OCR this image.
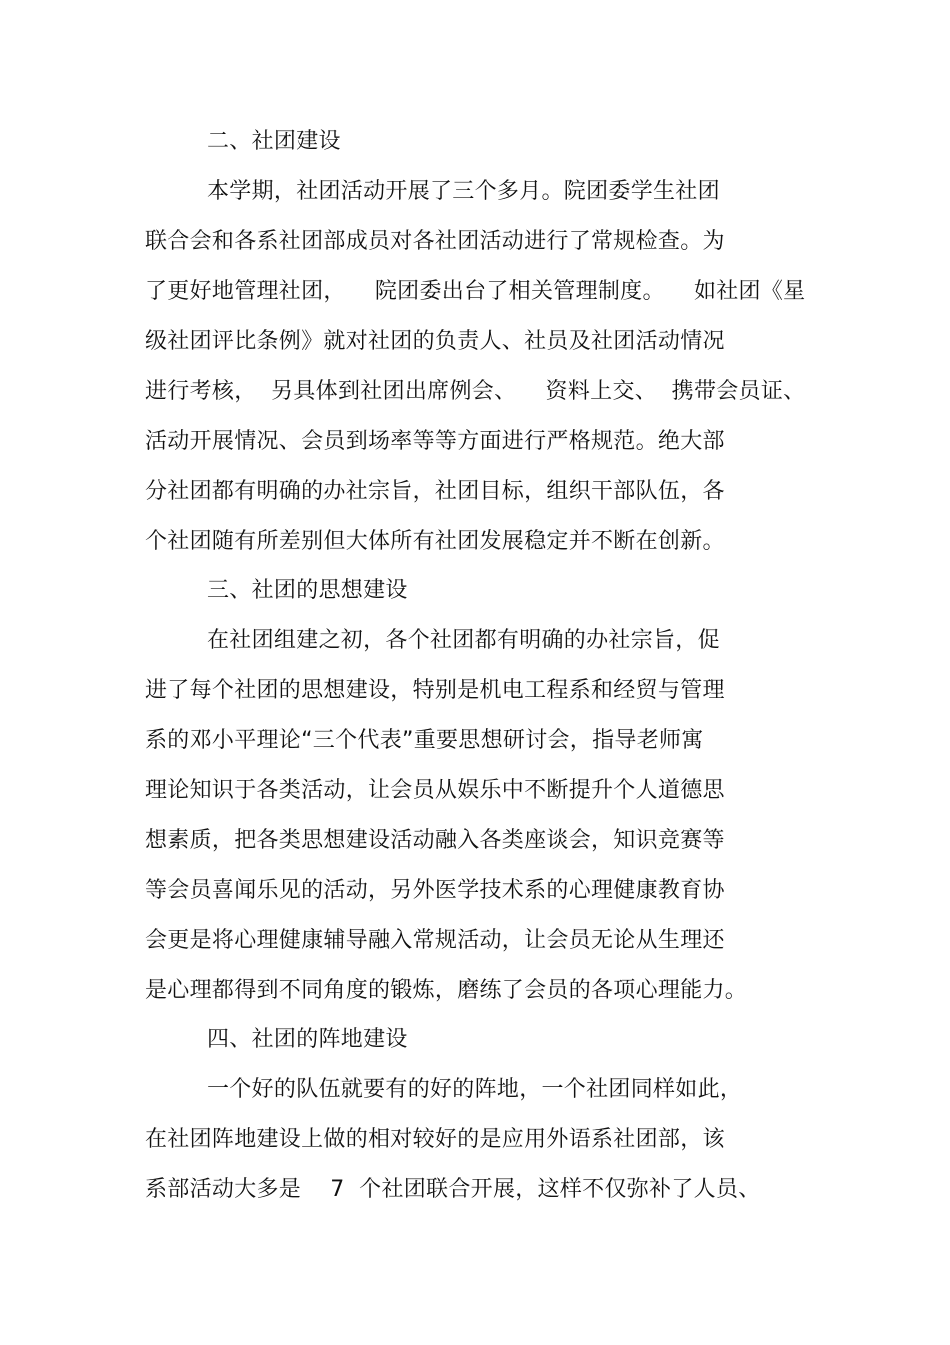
二、社团建设
本学期，社团活动开展了三个多月。院团委学生社团
联合会和各系社团部成员对各社团活动进行了常规检查。为
了更好地管理社团，    院团委出台了相关管理制度。    如社团《星
级社团评比条例》就对社团的负责人、社员及社团活动情况
进行考核，  另具体到社团出席例会、    资料上交、  携带会员证、
活动开展情况、会员到场率等等方面进行严格规范。绝大部
分社团都有明确的办社宗旨，社团目标，组织干部队伍，各
个社团随有所差别但大体所有社团发展稳定并不断在创新。
三、社团的思想建设
在社团组建之初，各个社团都有明确的办社宗旨，促
进了每个社团的思想建设，特别是机电工程系和经贸与管理
系的邓小平理论“三个代表”重要思想研讨会，指导老师寓
理论知识于各类活动，让会员从娱乐中不断提升个人道德思
想素质，把各类思想建设活动融入各类座谈会，知识竞赛等
等会员喜闻乐见的活动，另外医学技术系的心理健康教育协
会更是将心理健康辅导融入常规活动，让会员无论从生理还
是心理都得到不同角度的锻炼，磨练了会员的各项心理能力。
四、社团的阵地建设
一个好的队伍就要有的好的阵地，一个社团同样如此，
在社团阵地建设上做的相对较好的是应用外语系社团部，该
系部活动大多是    7  个社团联合开展，这样不仅弥补了人员、
